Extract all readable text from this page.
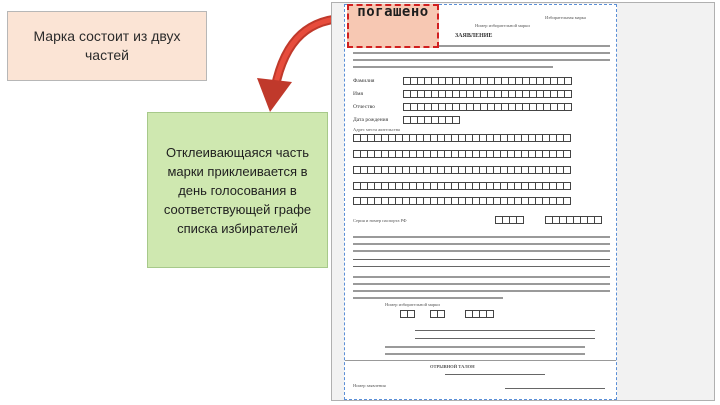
Марка состоит из двух частей
Отклеивающаяся часть марки приклеивается в день голосования в соответствующей графе списка избирателей
Избирательная марка
Номер избирательной марки
ЗАЯВЛЕНИЕ
Фамилия
Имя
Отчество
Дата рождения
Адрес места жительства
Серия и номер паспорта РФ
Номер избирательной марки
ОТРЫВНОЙ ТАЛОН
Номер заявления
погашено
